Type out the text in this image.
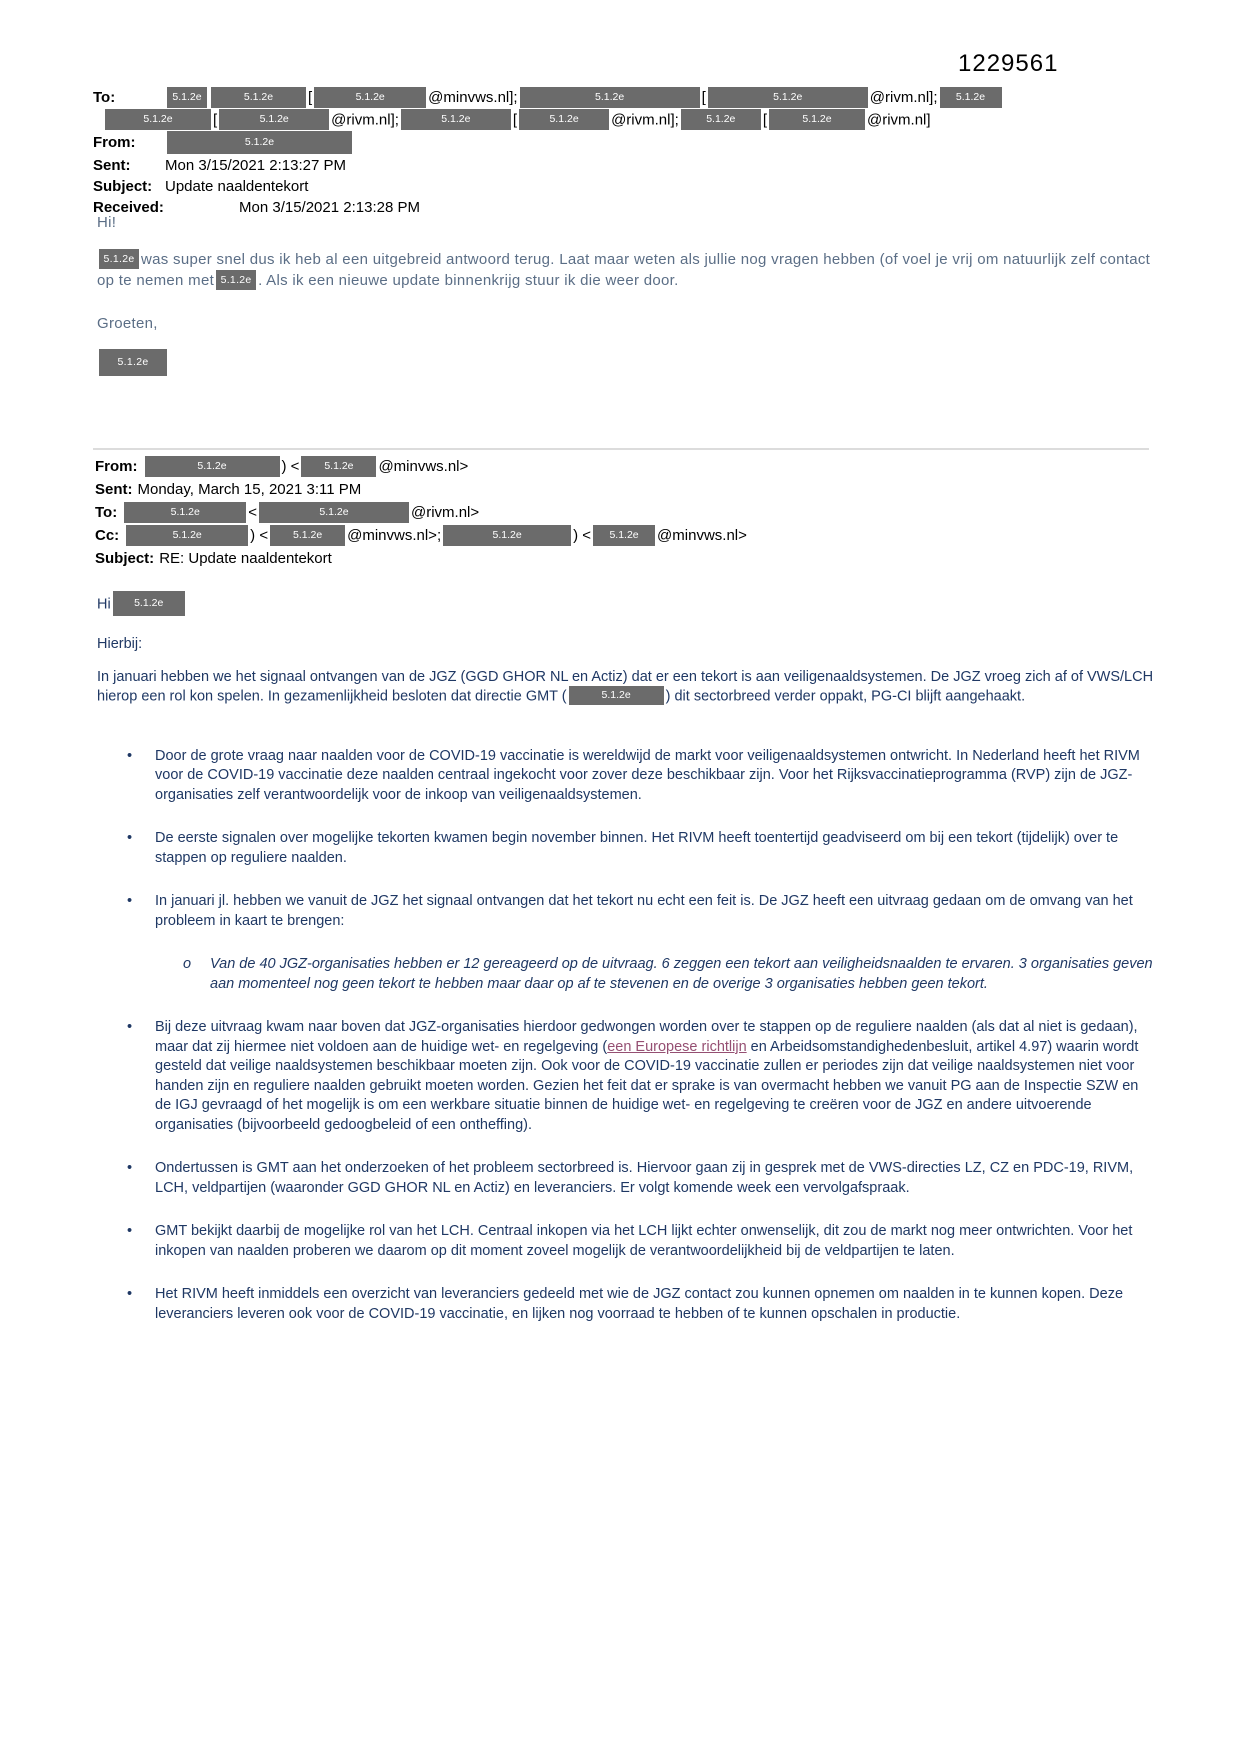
1229561
To:	5.1.2e	5.1.2e [	5.1.2e	@minvws.nl];	5.1.2e	[	5.1.2e	@rivm.nl]; 5.1.2e
5.1.2e	[	5.1.2e	@rivm.nl];	5.1.2e	[	5.1.2e @rivm.nl];	5.1.2e [	5.1.2e @rivm.nl]
From:	5.1.2e
Sent: Mon 3/15/2021 2:13:27 PM
Subject: Update naaldentekort
Received:	Mon 3/15/2021 2:13:28 PM
Hi!
5.1.2e was super snel dus ik heb al een uitgebreid antwoord terug. Laat maar weten als jullie nog vragen hebben (of voel je vrij om natuurlijk zelf contact op te nemen met 5.1.2e . Als ik een nieuwe update binnenkrijg stuur ik die weer door.
Groeten,
5.1.2e
From:	5.1.2e	) < 5.1.2e @minvws.nl>
Sent: Monday, March 15, 2021 3:11 PM
To:	5.1.2e	<	5.1.2e	@rivm.nl>
Cc:	5.1.2e	) < 5.1.2e @minvws.nl>;	5.1.2e	) < 5.1.2e @minvws.nl>
Subject: RE: Update naaldentekort
Hi 5.1.2e
Hierbij:
In januari hebben we het signaal ontvangen van de JGZ (GGD GHOR NL en Actiz) dat er een tekort is aan veiligenaaldsystemen. De JGZ vroeg zich af of VWS/LCH hierop een rol kon spelen. In gezamenlijkheid besloten dat directie GMT (	5.1.2e ) dit sectorbreed verder oppakt, PG-CI blijft aangehaakt.
•	Door de grote vraag naar naalden voor de COVID-19 vaccinatie is wereldwijd de markt voor veiligenaaldsystemen ontwricht. In Nederland heeft het RIVM voor de COVID-19 vaccinatie deze naalden centraal ingekocht voor zover deze beschikbaar zijn. Voor het Rijksvaccinatieprogramma (RVP) zijn de JGZ-organisaties zelf verantwoordelijk voor de inkoop van veiligenaaldsystemen.
•	De eerste signalen over mogelijke tekorten kwamen begin november binnen. Het RIVM heeft toentertijd geadviseerd om bij een tekort (tijdelijk) over te stappen op reguliere naalden.
•	In januari jl. hebben we vanuit de JGZ het signaal ontvangen dat het tekort nu echt een feit is. De JGZ heeft een uitvraag gedaan om de omvang van het probleem in kaart te brengen:
o	Van de 40 JGZ-organisaties hebben er 12 gereageerd op de uitvraag. 6 zeggen een tekort aan veiligheidsnaalden te ervaren. 3 organisaties geven aan momenteel nog geen tekort te hebben maar daar op af te stevenen en de overige 3 organisaties hebben geen tekort.
•	Bij deze uitvraag kwam naar boven dat JGZ-organisaties hierdoor gedwongen worden over te stappen op de reguliere naalden (als dat al niet is gedaan), maar dat zij hiermee niet voldoen aan de huidige wet- en regelgeving (een Europese richtlijn en Arbeidsomstandighedenbesluit, artikel 4.97) waarin wordt gesteld dat veilige naaldsystemen beschikbaar moeten zijn. Ook voor de COVID-19 vaccinatie zullen er periodes zijn dat veilige naaldsystemen niet voor handen zijn en reguliere naalden gebruikt moeten worden. Gezien het feit dat er sprake is van overmacht hebben we vanuit PG aan de Inspectie SZW en de IGJ gevraagd of het mogelijk is om een werkbare situatie binnen de huidige wet- en regelgeving te creëren voor de JGZ en andere uitvoerende organisaties (bijvoorbeeld gedoogbeleid of een ontheffing).
•	Ondertussen is GMT aan het onderzoeken of het probleem sectorbreed is. Hiervoor gaan zij in gesprek met de VWS-directies LZ, CZ en PDC-19, RIVM, LCH, veldpartijen (waaronder GGD GHOR NL en Actiz) en leveranciers. Er volgt komende week een vervolgafspraak.
•	GMT bekijkt daarbij de mogelijke rol van het LCH. Centraal inkopen via het LCH lijkt echter onwenselijk, dit zou de markt nog meer ontwrichten. Voor het inkopen van naalden proberen we daarom op dit moment zoveel mogelijk de verantwoordelijkheid bij de veldpartijen te laten.
•	Het RIVM heeft inmiddels een overzicht van leveranciers gedeeld met wie de JGZ contact zou kunnen opnemen om naalden in te kunnen kopen. Deze leveranciers leveren ook voor de COVID-19 vaccinatie, en lijken nog voorraad te hebben of te kunnen opschalen in productie.
